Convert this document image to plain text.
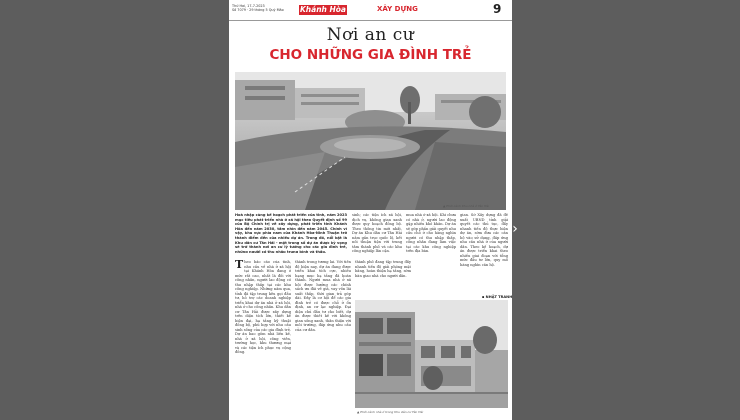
Thứ Hai, 17-7-2023
Số 7079 · 29 tháng 5 Quý Mão	Khánh Hòa	XÂY DỰNG	9
Nơi an cư
CHO NHỮNG GIA ĐÌNH TRẺ
▲ Phối cảnh Khu nhà ở Tân Hải
Hoà nhập cùng kế hoạch phát triển của tỉnh, năm 2023 mục tiêu phát triển nhà ở xã hội theo Quyết định số 99 của Bộ Chính trị về xây dựng, phát triển tỉnh Khánh Hòa đến năm 2030, tầm nhìn đến năm 2045. Chính vì vậy, khu vực phía nam của Khánh Hòa-Ninh Thuận trở thành điểm đến của nhiều dự án. Trong đó, nổi bật là Khu dân cư Tân Hải - một trong số dự án được kỳ vọng sẽ trở thành nơi an cư lý tưởng cho các gia đình trẻ, những người có thu nhập trung bình và thấp.
sinh; các tiện ích xã hội, dịch vụ, không gian xanh được quy hoạch đồng bộ. Theo thông tin mới nhất, Dự án Khu dân cư Tân Hải nằm gần trục quốc lộ, kết nối thuận tiện với trung tâm thành phố và các khu công nghiệp lân cận.
mua nhà ở xã hội. Khi chưa có nhà ở, người lao động gặp nhiều khó khăn. Dự án sẽ góp phần giải quyết nhu cầu chỗ ở cho hàng nghìn người có thu nhập thấp, công nhân đang làm việc tại các khu công nghiệp trên địa bàn.
gian. Sở Xây dựng đã đề xuất UBND tỉnh giải quyết các thủ tục, đẩy nhanh tiến độ thực hiện dự án, sớm đưa các căn hộ vào sử dụng, đáp ứng nhu cầu nhà ở của người dân. Theo kế hoạch, dự án được triển khai theo nhiều giai đoạn với tổng mức đầu tư lớn, quy mô hàng nghìn căn hộ.
▪ NHẬT TRANH
Theo báo cáo của tỉnh, nhu cầu về nhà ở xã hội tại Khánh Hòa đang ở mức rất cao, nhất là đối với công nhân, người lao động có thu nhập thấp tại các khu công nghiệp. Những năm qua, tỉnh đã tập trung kêu gọi đầu tư, hỗ trợ các doanh nghiệp triển khai dự án nhà ở xã hội, nhà ở cho công nhân. Khu dân cư Tân Hải được xây dựng trên diện tích lớn, thiết kế hiện đại, hạ tầng kỹ thuật đồng bộ, phù hợp với nhu cầu sinh sống của các gia đình trẻ. Dự án bao gồm nhà liền kề, nhà ở xã hội, công viên, trường học, khu thương mại và các tiện ích phục vụ cộng đồng.
thành trong tương lai. Với tiến độ hiện nay, dự án đang được triển khai tích cực, nhiều hạng mục hạ tầng đã hoàn thành. Người mua nhà ở xã hội được hưởng các chính sách ưu đãi về giá, vay vốn lãi suất thấp, thời gian trả góp dài. Đây là cơ hội để các gia đình trẻ có được chỗ ở ổn định, an cư lạc nghiệp. Đại diện chủ đầu tư cho biết, dự án được thiết kế với không gian sống xanh, thân thiện với môi trường, đáp ứng nhu cầu của cư dân.
thành phố đang tập trung đẩy nhanh tiến độ giải phóng mặt bằng, hoàn thiện hạ tầng, sớm bàn giao nhà cho người dân.
▲ Phối cảnh nhà ở trong Khu dân cư Tân Hải
›
